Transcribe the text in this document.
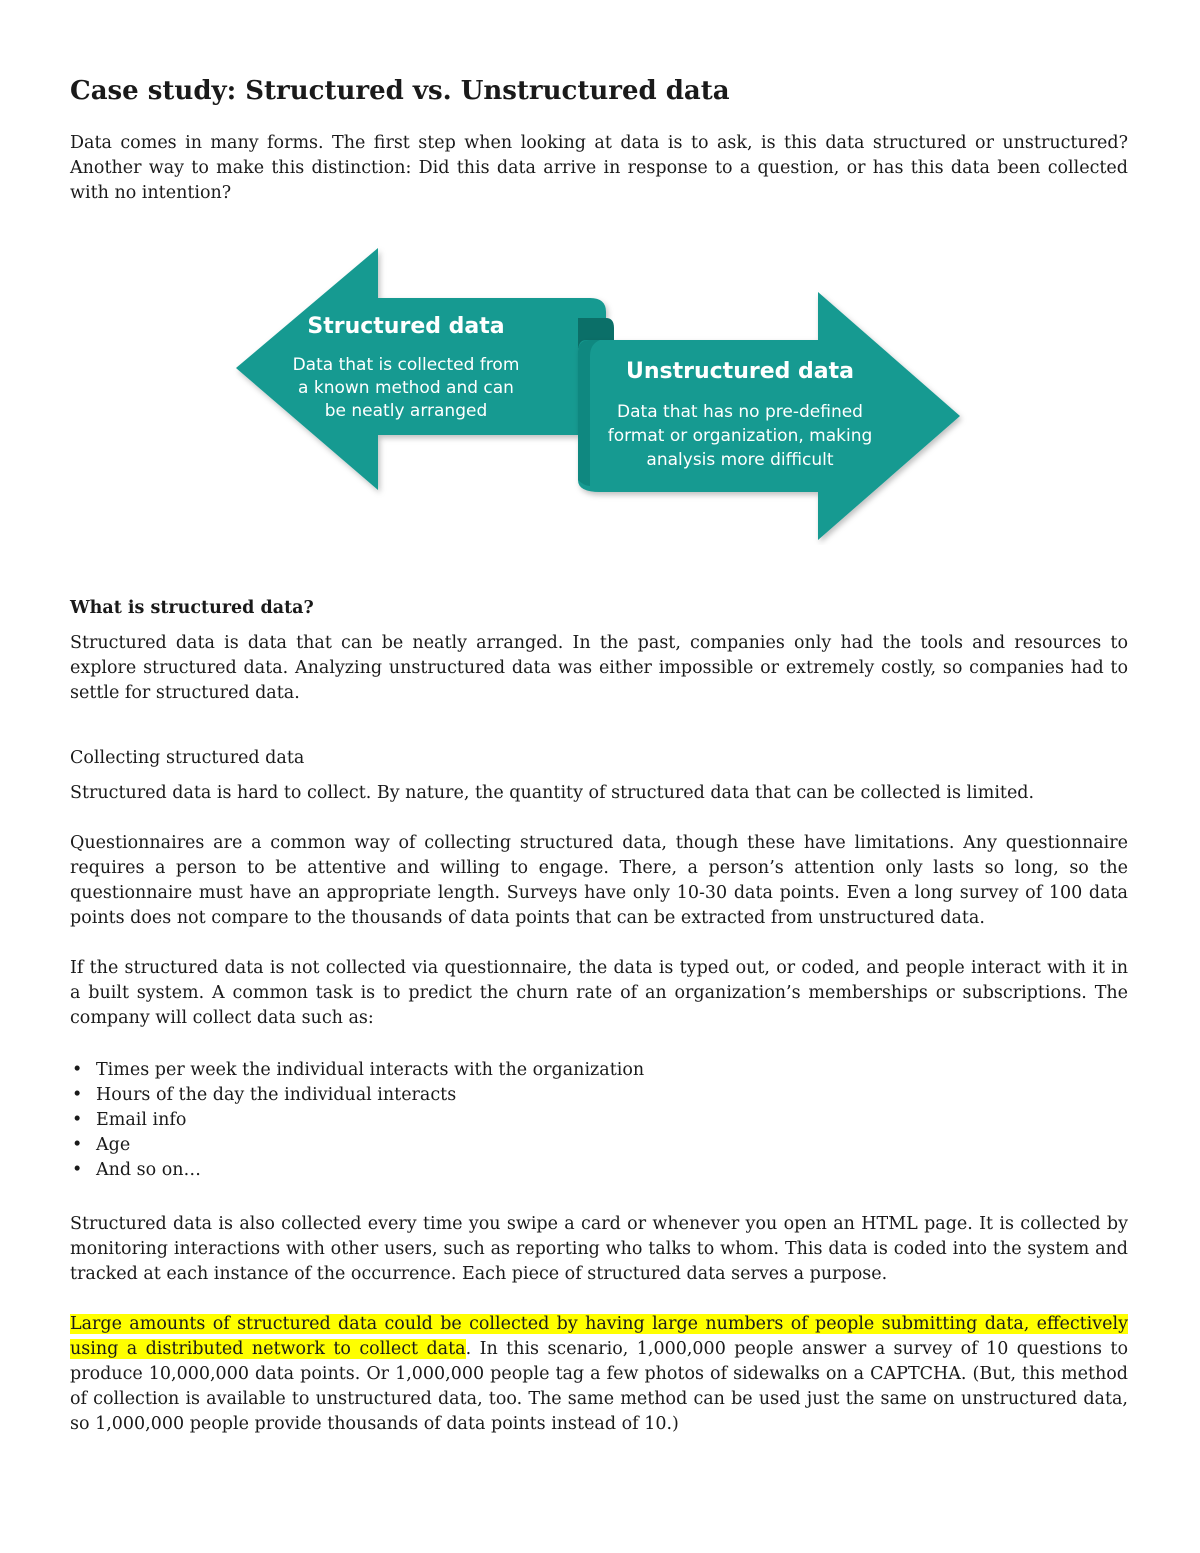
Case study: Structured vs. Unstructured data

Data comes in many forms. The first step when looking at data is to ask, is this data structured or unstructured? Another way to make this distinction: Did this data arrive in response to a question, or has this data been collected with no intention?

Structured data
Data that is collected from
a known method and can
be neatly arranged
Unstructured data
Data that has no pre-defined
format or organization, making
analysis more difficult

What is structured data?

Structured data is data that can be neatly arranged. In the past, companies only had the tools and resources to explore structured data. Analyzing unstructured data was either impossible or extremely costly, so companies had to settle for structured data.

Collecting structured data

Structured data is hard to collect. By nature, the quantity of structured data that can be collected is limited.

Questionnaires are a common way of collecting structured data, though these have limitations. Any questionnaire requires a person to be attentive and willing to engage. There, a person’s attention only lasts so long, so the questionnaire must have an appropriate length. Surveys have only 10-30 data points. Even a long survey of 100 data points does not compare to the thousands of data points that can be extracted from unstructured data.

If the structured data is not collected via questionnaire, the data is typed out, or coded, and people interact with it in a built system. A common task is to predict the churn rate of an organization’s memberships or subscriptions. The company will collect data such as:

• Times per week the individual interacts with the organization
• Hours of the day the individual interacts
• Email info
• Age
• And so on…

Structured data is also collected every time you swipe a card or whenever you open an HTML page. It is collected by monitoring interactions with other users, such as reporting who talks to whom. This data is coded into the system and tracked at each instance of the occurrence. Each piece of structured data serves a purpose.

Large amounts of structured data could be collected by having large numbers of people submitting data, effectively using a distributed network to collect data. In this scenario, 1,000,000 people answer a survey of 10 questions to produce 10,000,000 data points. Or 1,000,000 people tag a few photos of sidewalks on a CAPTCHA. (But, this method of collection is available to unstructured data, too. The same method can be used just the same on unstructured data, so 1,000,000 people provide thousands of data points instead of 10.)
